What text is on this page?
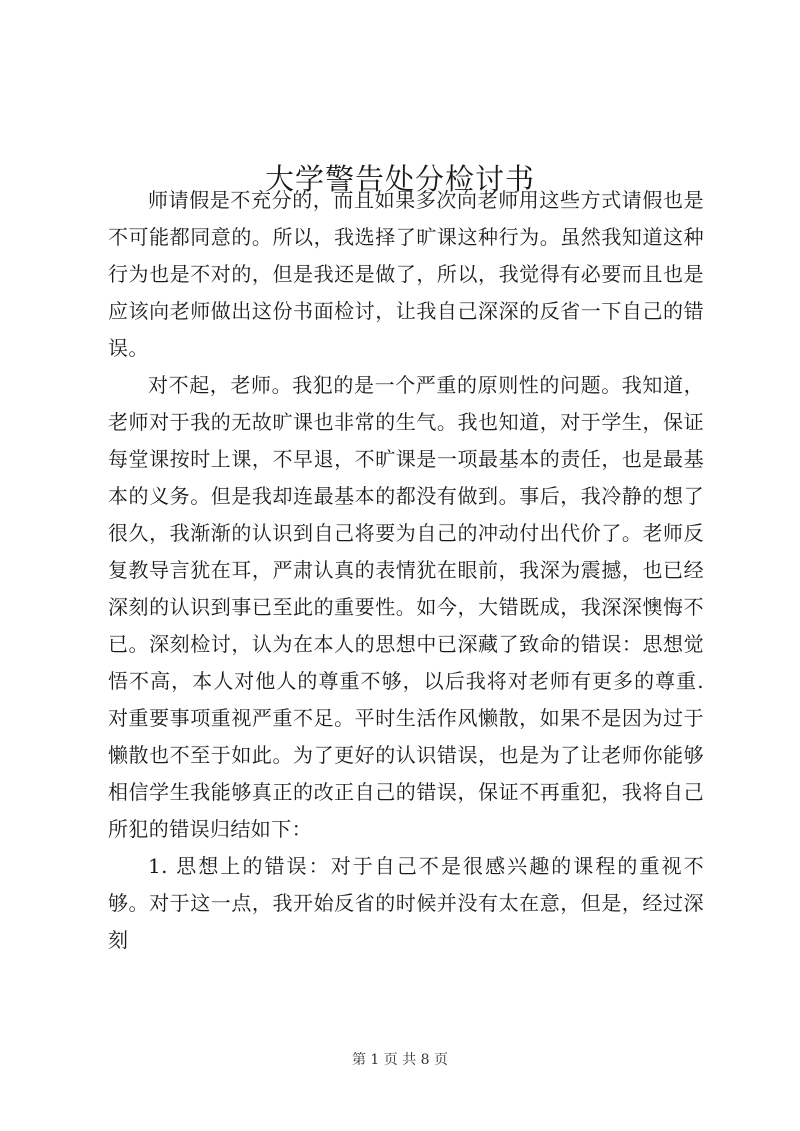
大学警告处分检讨书

师请假是不充分的，而且如果多次向老师用这些方式请假也是不可能都同意的。所以，我选择了旷课这种行为。虽然我知道这种行为也是不对的，但是我还是做了，所以，我觉得有必要而且也是应该向老师做出这份书面检讨，让我自己深深的反省一下自己的错误。

对不起，老师。我犯的是一个严重的原则性的问题。我知道，老师对于我的无故旷课也非常的生气。我也知道，对于学生，保证每堂课按时上课，不早退，不旷课是一项最基本的责任，也是最基本的义务。但是我却连最基本的都没有做到。事后，我冷静的想了很久，我渐渐的认识到自己将要为自己的冲动付出代价了。老师反复教导言犹在耳，严肃认真的表情犹在眼前，我深为震撼，也已经深刻的认识到事已至此的重要性。如今，大错既成，我深深懊悔不已。深刻检讨，认为在本人的思想中已深藏了致命的错误：思想觉悟不高，本人对他人的尊重不够，以后我将对老师有更多的尊重.对重要事项重视严重不足。平时生活作风懒散，如果不是因为过于懒散也不至于如此。为了更好的认识错误，也是为了让老师你能够相信学生我能够真正的改正自己的错误，保证不再重犯，我将自己所犯的错误归结如下：

1. 思想上的错误：对于自己不是很感兴趣的课程的重视不够。对于这一点，我开始反省的时候并没有太在意，但是，经过深刻

第 1 页 共 8 页
